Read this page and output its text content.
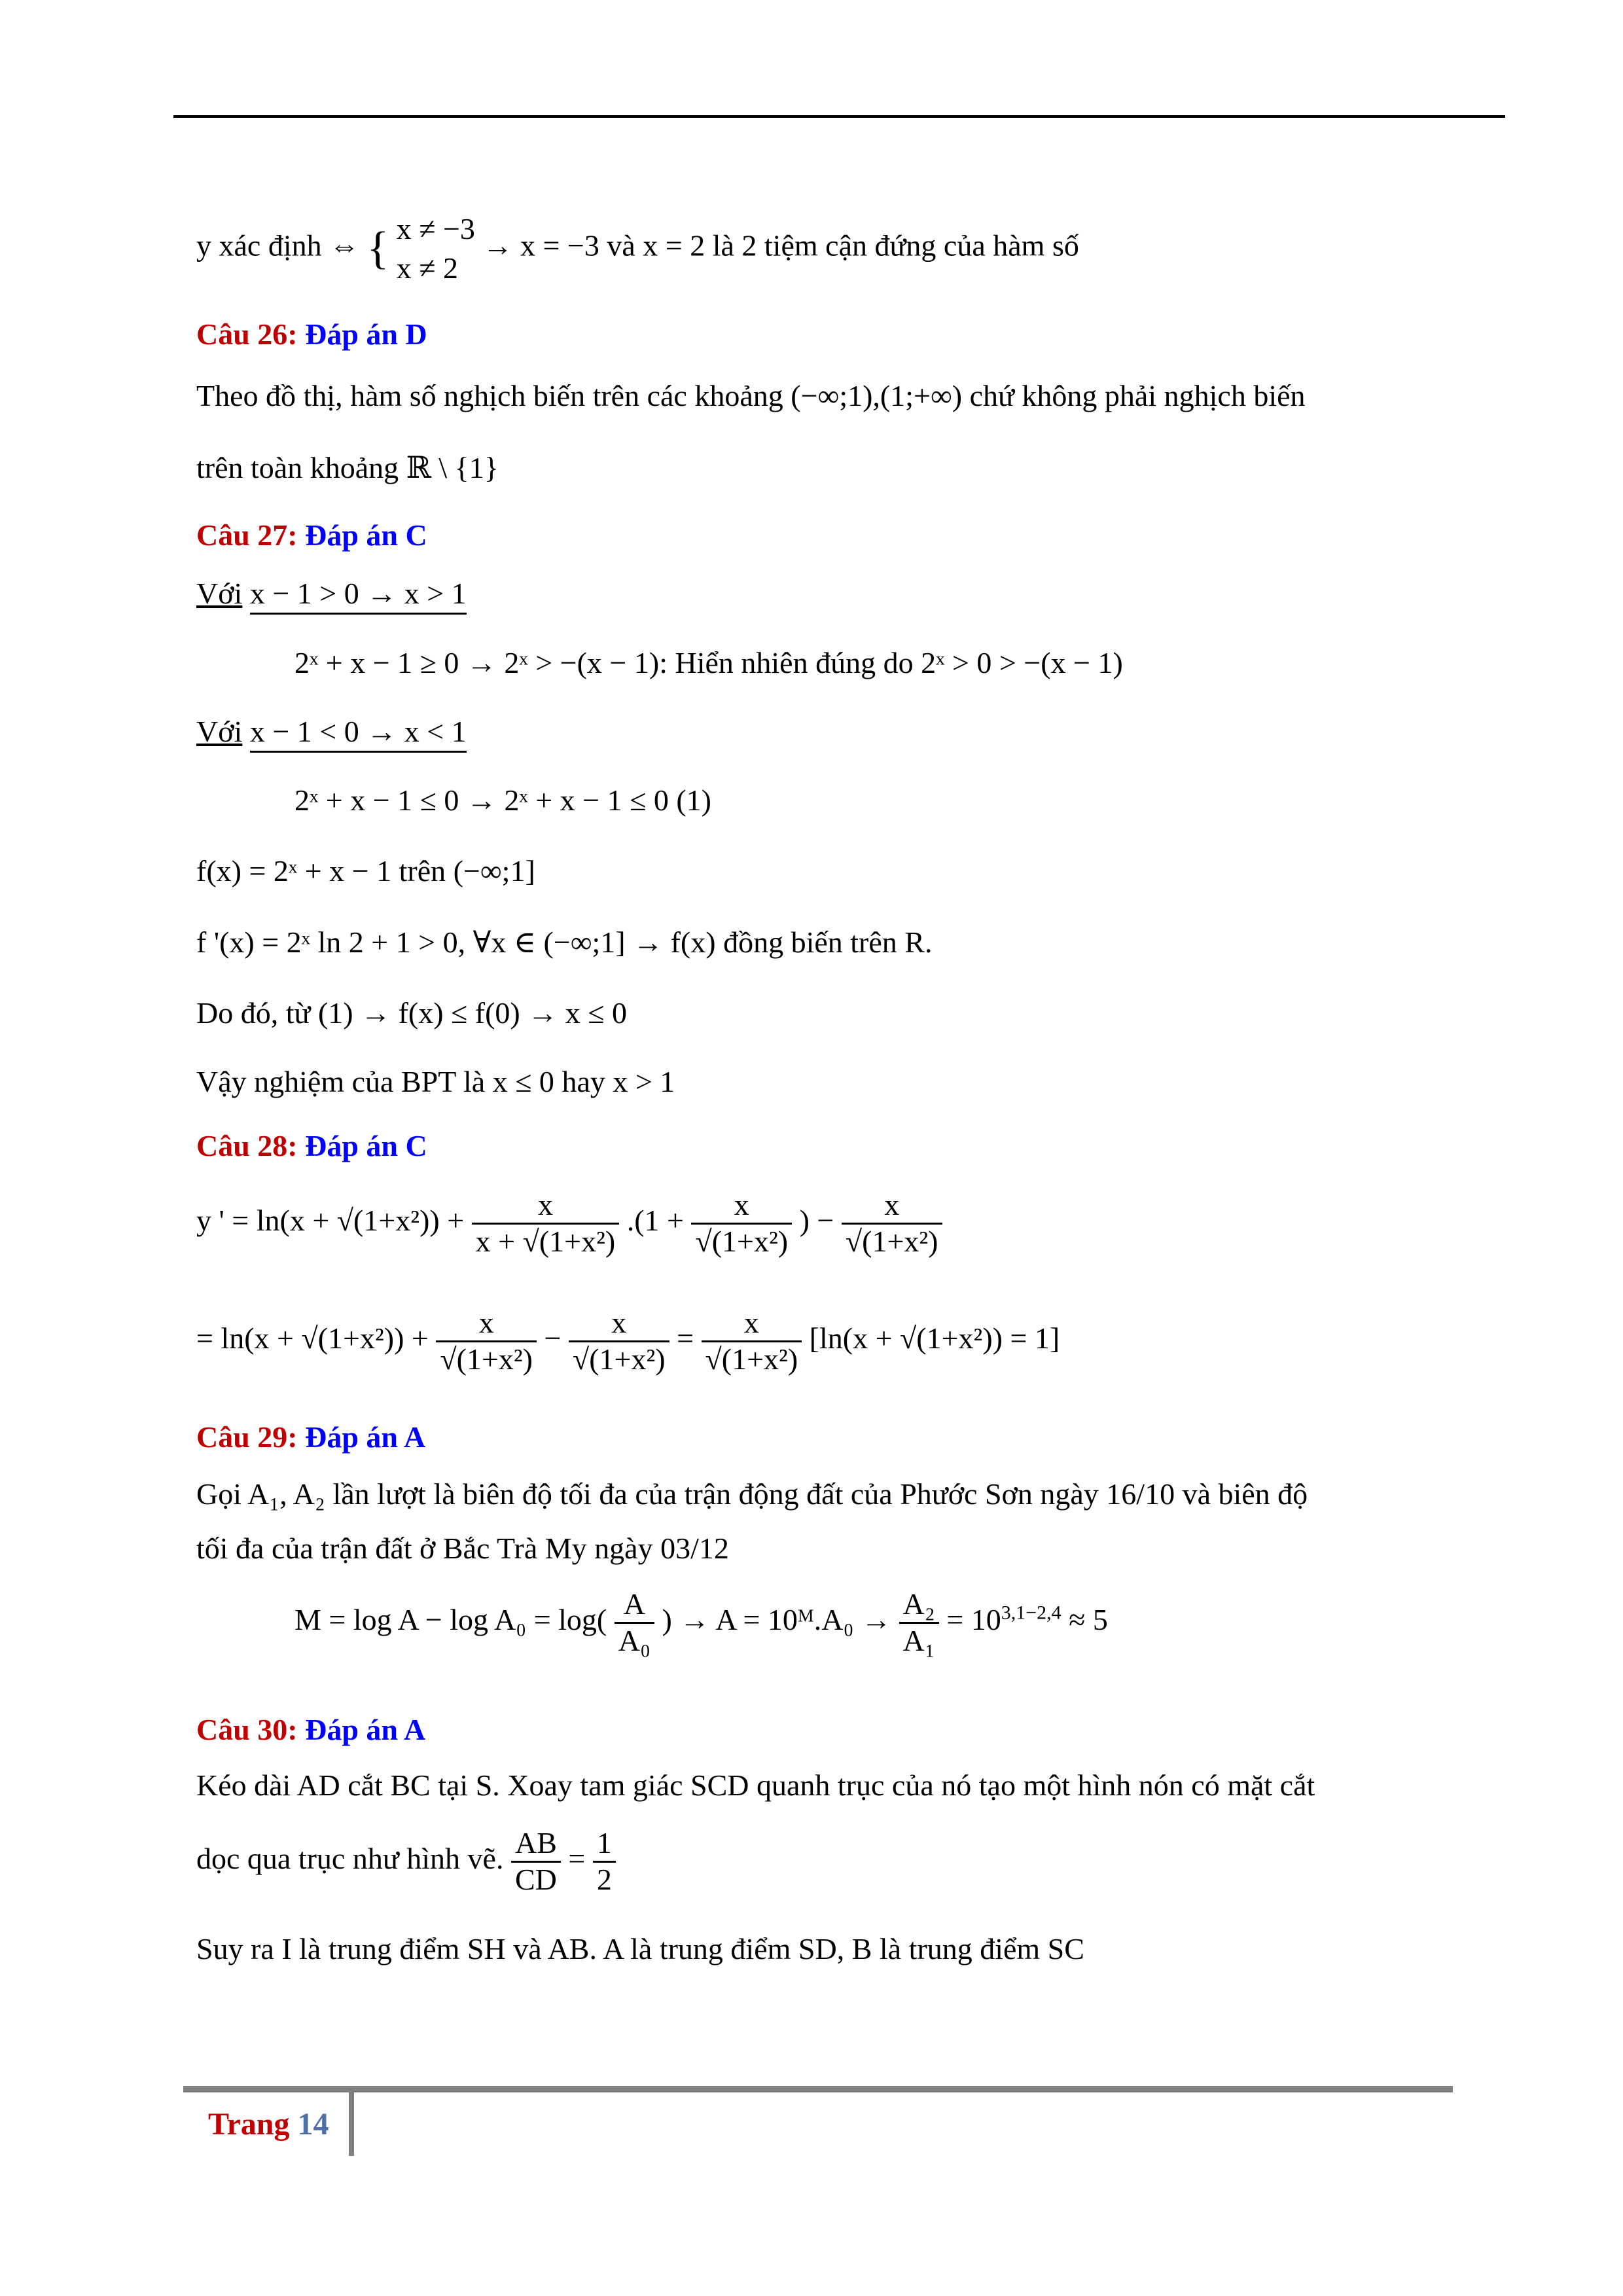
y xác định ⇔ { x ≠ −3
x ≠ 2
→ x = −3 và x = 2 là 2 tiệm cận đứng của hàm số
Câu 26: Đáp án D
Theo đồ thị, hàm số nghịch biến trên các khoảng (−∞;1),(1;+∞) chứ không phải nghịch biến
trên toàn khoảng ℝ \ {1}
Câu 27: Đáp án C
Với x − 1 > 0 → x > 1
2ˣ + x − 1 ≥ 0 → 2ˣ > −(x − 1): Hiển nhiên đúng do 2ˣ > 0 > −(x − 1)
Với x − 1 < 0 → x < 1
2ˣ + x − 1 ≤ 0 → 2ˣ + x − 1 ≤ 0 (1)
f(x) = 2ˣ + x − 1 trên (−∞;1]
f '(x) = 2ˣ ln 2 + 1 > 0, ∀x ∈ (−∞;1] → f(x) đồng biến trên R.
Do đó, từ (1) → f(x) ≤ f(0) → x ≤ 0
Vậy nghiệm của BPT là x ≤ 0 hay x > 1
Câu 28: Đáp án C
y ' = $\ln(x + √(1+x^2)) + \frac{x}{\text{x + √(1+x²)}} .(1 + \frac{x}{\text{√(1+x²)}}$ ) − $\frac{x}{\text{√(1+x²)}}$
= $\ln(x + √(1+x^2)) + \frac{x}{\text{√(1+x²)}} - \frac{x}{\text{√(1+x²)}} = \frac{x}{\text{√(1+x²)}} [\ln(x + √(1+x^2)) = 1]$
Câu 29: Đáp án A
Gọi A₁, A₂ lần lượt là biên độ tối đa của trận động đất của Phước Sơn ngày 16/10 và biên độ
tối đa của trận đất ở Bắc Trà My ngày 03/12
$M = \log A - \log A_0 = \log( \frac{A}{\text{A₀}}$ ) → A = 10ᴹ.A₀ → $\frac{\text{A₂}}{\text{A₁}} = 10^{3,1-2,4} \approx 5$
Câu 30: Đáp án A
Kéo dài AD cắt BC tại S. Xoay tam giác SCD quanh trục của nó tạo một hình nón có mặt cắt
dọc qua trục như hình vẽ. $\frac{AB}{CD} = \frac{1}{2}$
Suy ra I là trung điểm SH và AB. A là trung điểm SD, B là trung điểm SC
Trang 14
